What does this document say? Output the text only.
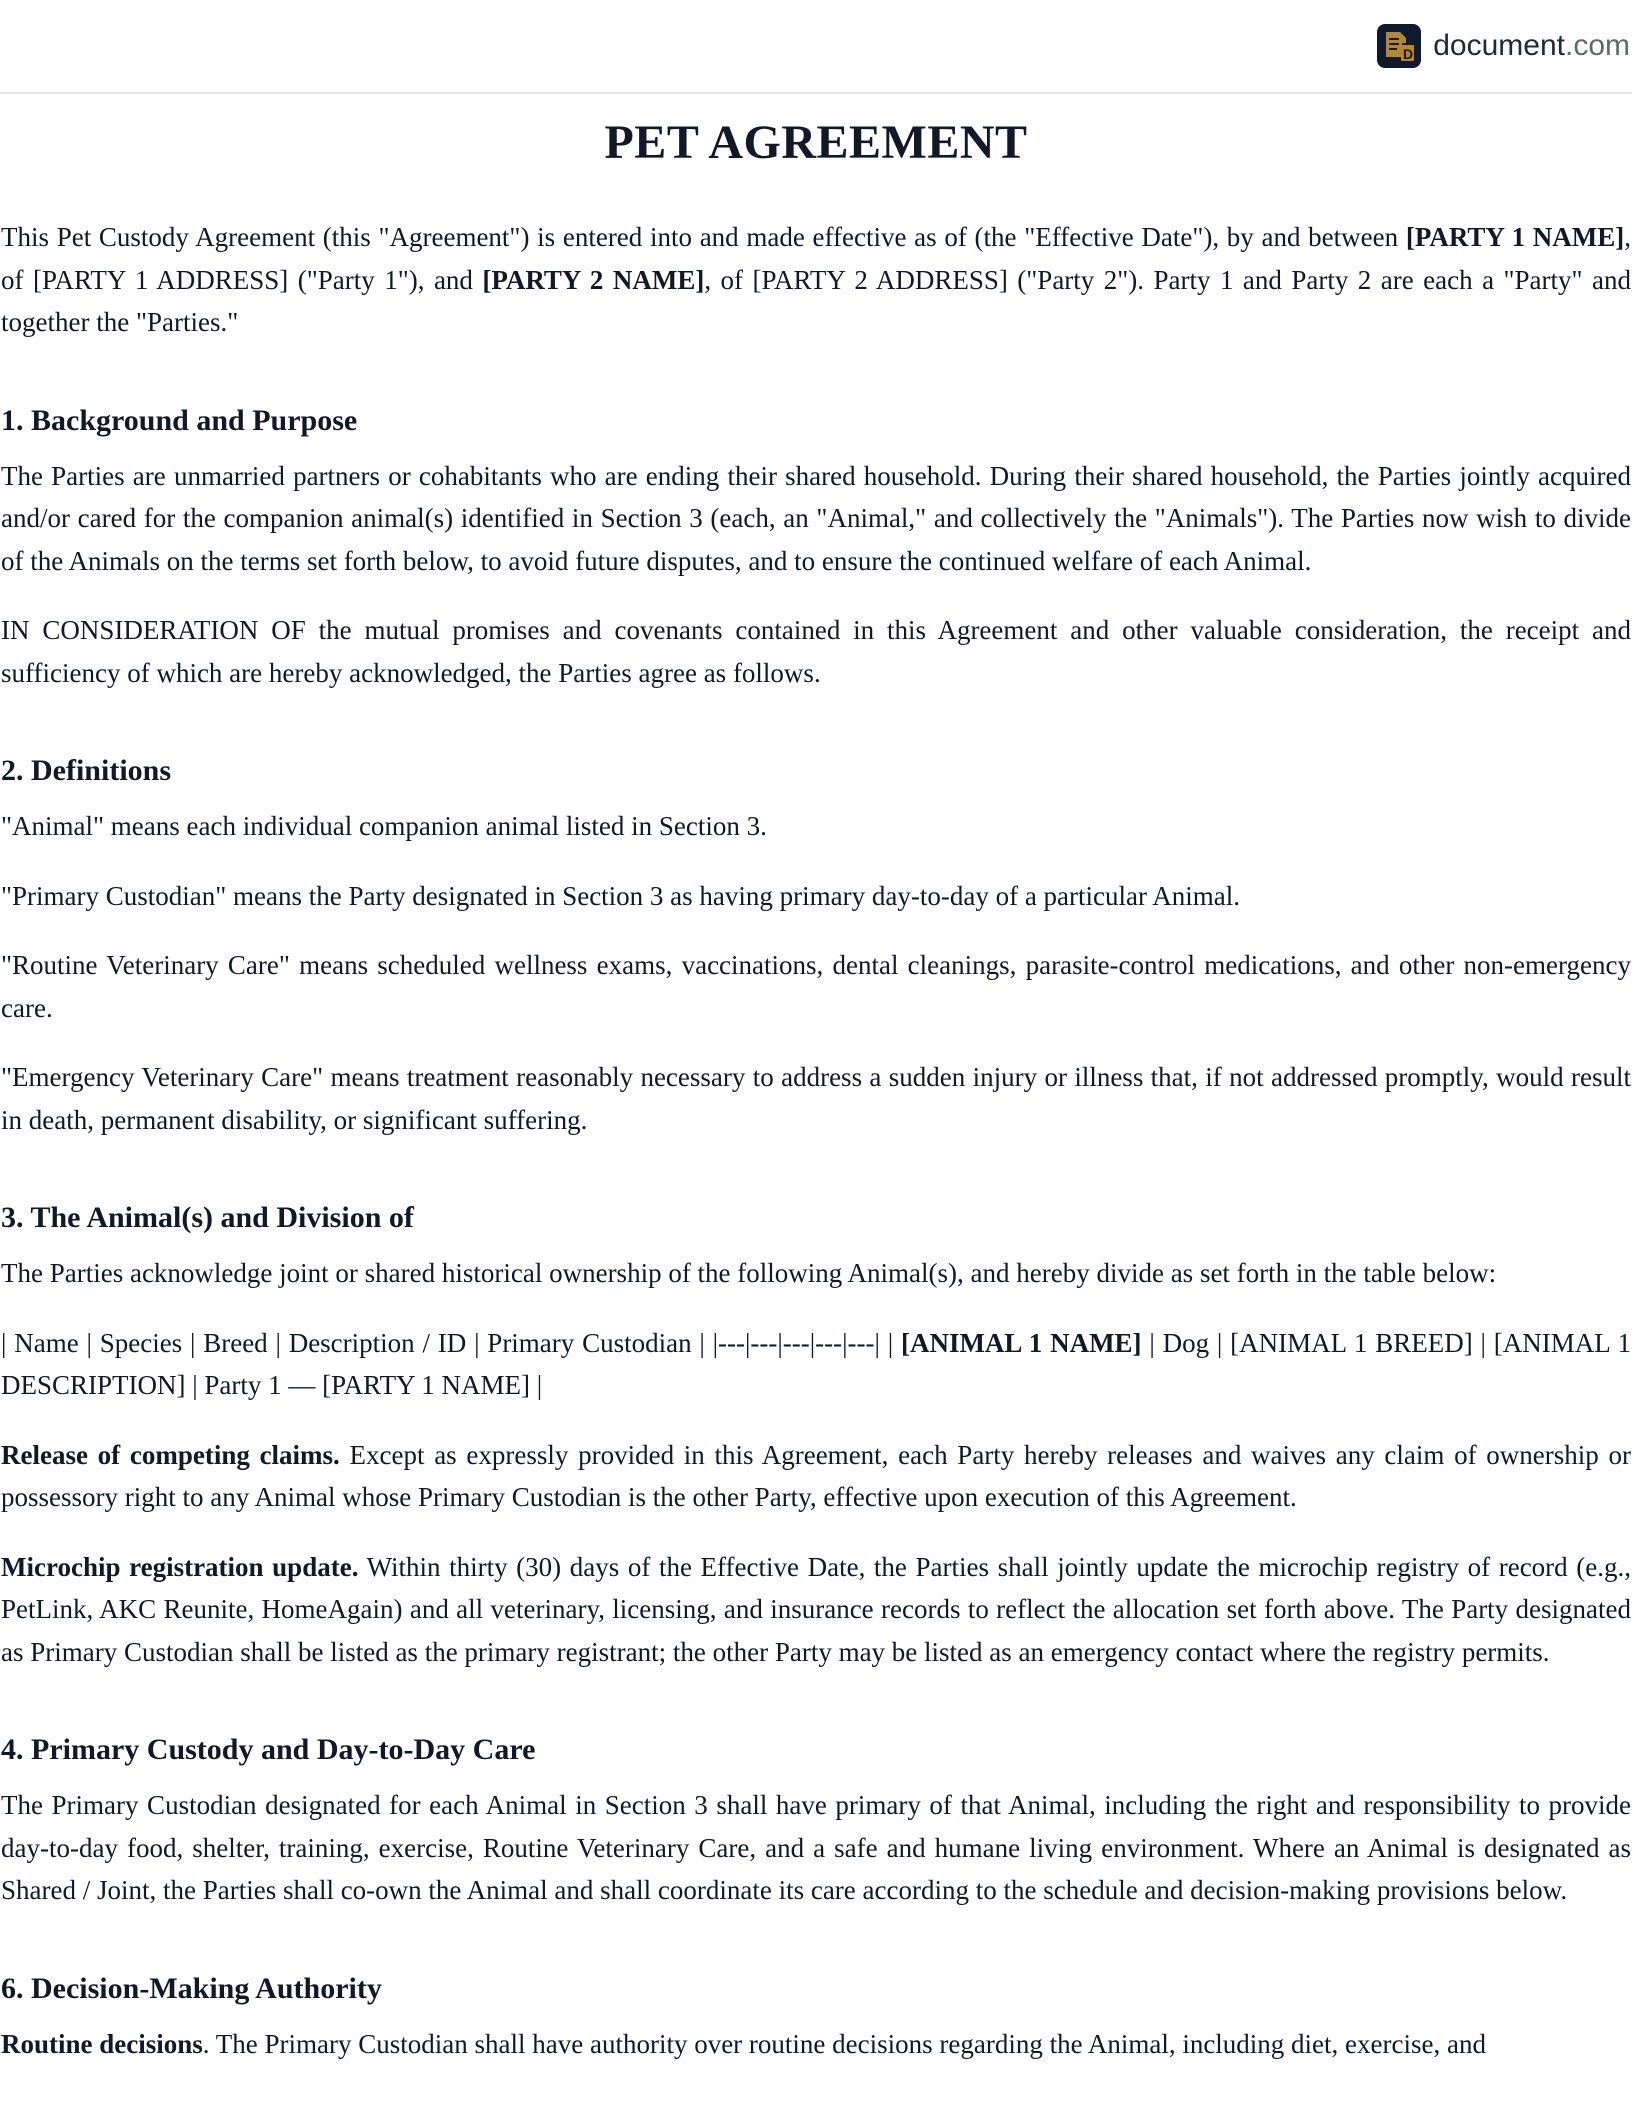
D document.com
PET AGREEMENT

This Pet Custody Agreement (this "Agreement") is entered into and made effective as of (the "Effective Date"), by and between [PARTY 1 NAME], of [PARTY 1 ADDRESS] ("Party 1"), and [PARTY 2 NAME], of [PARTY 2 ADDRESS] ("Party 2"). Party 1 and Party 2 are each a "Party" and together the "Parties."

1. Background and Purpose

The Parties are unmarried partners or cohabitants who are ending their shared household. During their shared household, the Parties jointly acquired and/or cared for the companion animal(s) identified in Section 3 (each, an "Animal," and collectively the "Animals"). The Parties now wish to divide of the Animals on the terms set forth below, to avoid future disputes, and to ensure the continued welfare of each Animal.

IN CONSIDERATION OF the mutual promises and covenants contained in this Agreement and other valuable consideration, the receipt and sufficiency of which are hereby acknowledged, the Parties agree as follows.

2. Definitions

"Animal" means each individual companion animal listed in Section 3.

"Primary Custodian" means the Party designated in Section 3 as having primary day-to-day of a particular Animal.

"Routine Veterinary Care" means scheduled wellness exams, vaccinations, dental cleanings, parasite-control medications, and other non-emergency care.

"Emergency Veterinary Care" means treatment reasonably necessary to address a sudden injury or illness that, if not addressed promptly, would result in death, permanent disability, or significant suffering.

3. The Animal(s) and Division of

The Parties acknowledge joint or shared historical ownership of the following Animal(s), and hereby divide as set forth in the table below:

| Name | Species | Breed | Description / ID | Primary Custodian | |---|---|---|---|---| | [ANIMAL 1 NAME] | Dog | [ANIMAL 1 BREED] | [ANIMAL 1 DESCRIPTION] | Party 1 — [PARTY 1 NAME] |

Release of competing claims. Except as expressly provided in this Agreement, each Party hereby releases and waives any claim of ownership or possessory right to any Animal whose Primary Custodian is the other Party, effective upon execution of this Agreement.

Microchip registration update. Within thirty (30) days of the Effective Date, the Parties shall jointly update the microchip registry of record (e.g., PetLink, AKC Reunite, HomeAgain) and all veterinary, licensing, and insurance records to reflect the allocation set forth above. The Party designated as Primary Custodian shall be listed as the primary registrant; the other Party may be listed as an emergency contact where the registry permits.

4. Primary Custody and Day-to-Day Care

The Primary Custodian designated for each Animal in Section 3 shall have primary of that Animal, including the right and responsibility to provide day-to-day food, shelter, training, exercise, Routine Veterinary Care, and a safe and humane living environment. Where an Animal is designated as Shared / Joint, the Parties shall co-own the Animal and shall coordinate its care according to the schedule and decision-making provisions below.

6. Decision-Making Authority

Routine decisions. The Primary Custodian shall have authority over routine decisions regarding the Animal, including diet, exercise, and
